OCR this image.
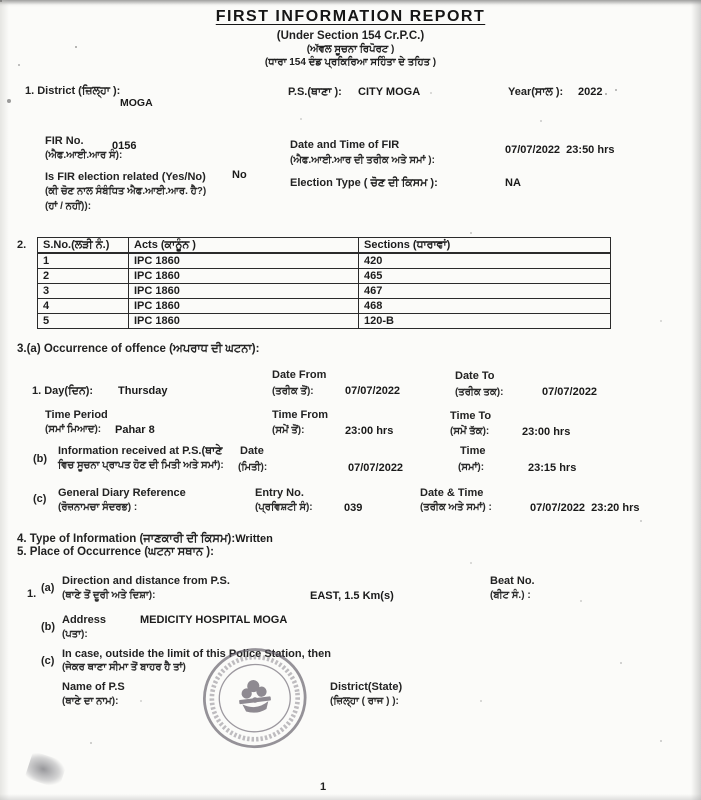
FIRST INFORMATION REPORT
(Under Section 154 Cr.P.C.)
(ਅੱਵਲ ਸੂਚਨਾ ਰਿਪੋਰਟ )
(ਧਾਰਾ 154 ਦੰਡ ਪ੍ਰਕਿਰਿਆ ਸਹਿੰਤਾ ਦੇ ਤਹਿਤ )
1. District (ਜ਼ਿਲ੍ਹਾ ):
MOGA
P.S.(ਥਾਣਾ ): CITY MOGA	Year(ਸਾਲ ): 2022
FIR No.
(ਐਫ.ਆਈ.ਆਰ ਸੰ):
0156	Date and Time of FIR
(ਐਫ.ਆਈ.ਆਰ ਦੀ ਤਰੀਕ ਅਤੇ ਸਮਾਂ ):
07/07/2022  23:50 hrs
Is FIR election related (Yes/No) No
(ਕੀ ਚੋਣ ਨਾਲ ਸੰਬੰਧਿਤ ਐਫ.ਆਈ.ਆਰ. ਹੈ?)
(ਹਾਂ / ਨਹੀਂ)):
Election Type ( ਚੋਣ ਦੀ ਕਿਸਮ ):	NA
2. S.No.(ਲੜੀ ਨੰ.)	Acts (ਕਾਨੂੰਨ )	Sections (ਧਾਰਾਵਾਂ)
1	IPC 1860	420
2	IPC 1860	465
3	IPC 1860	467
4	IPC 1860	468
5	IPC 1860	120-B
3.(a) Occurrence of offence (ਅਪਰਾਧ ਦੀ ਘਟਨਾ):
1. Day(ਦਿਨ): Thursday
Date From
(ਤਰੀਕ ਤੋਂ):	07/07/2022
Date To
(ਤਰੀਕ ਤਕ):	07/07/2022
Time Period
(ਸਮਾਂ ਮਿਆਦ): Pahar 8
Time From
(ਸਮੇਂ ਤੋਂ):	23:00 hrs
Time To
(ਸਮੇਂ ਤੱਕ):	23:00 hrs
(b)
Information received at P.S.(ਥਾਣੇ
ਵਿਚ ਸੂਚਨਾ ਪ੍ਰਾਪਤ ਹੋਣ ਦੀ ਮਿਤੀ ਅਤੇ ਸਮਾਂ):
Date
(ਮਿਤੀ):	07/07/2022
Time
(ਸਮਾਂ):	23:15 hrs
(c) General Diary Reference
(ਰੋਜ਼ਨਾਮਚਾ ਸੰਦਰਭ) :
Entry No.
(ਪ੍ਰਵਿਸ਼ਟੀ ਸੰ):	039
Date & Time
(ਤਰੀਕ ਅਤੇ ਸਮਾਂ) :	07/07/2022  23:20 hrs
4. Type of Information (ਜਾਣਕਾਰੀ ਦੀ ਕਿਸਮ):Written
5. Place of Occurrence (ਘਟਨਾ ਸਥਾਨ ):
1. (a)
Direction and distance from P.S.
(ਥਾਣੇ ਤੋਂ ਦੂਰੀ ਅਤੇ ਦਿਸ਼ਾ):	EAST, 1.5 Km(s)
Beat No.
(ਬੀਟ ਸੰ.) :
(b)
Address
(ਪਤਾ):
MEDICITY HOSPITAL MOGA
(c)
In case, outside the limit of this Police Station, then
(ਜੇਕਰ ਥਾਣਾ ਸੀਮਾ ਤੋਂ ਬਾਹਰ ਹੈ ਤਾਂ)
Name of P.S
(ਥਾਣੇ ਦਾ ਨਾਮ):
District(State)
(ਜ਼ਿਲ੍ਹਾ ( ਰਾਜ ) ):
1
